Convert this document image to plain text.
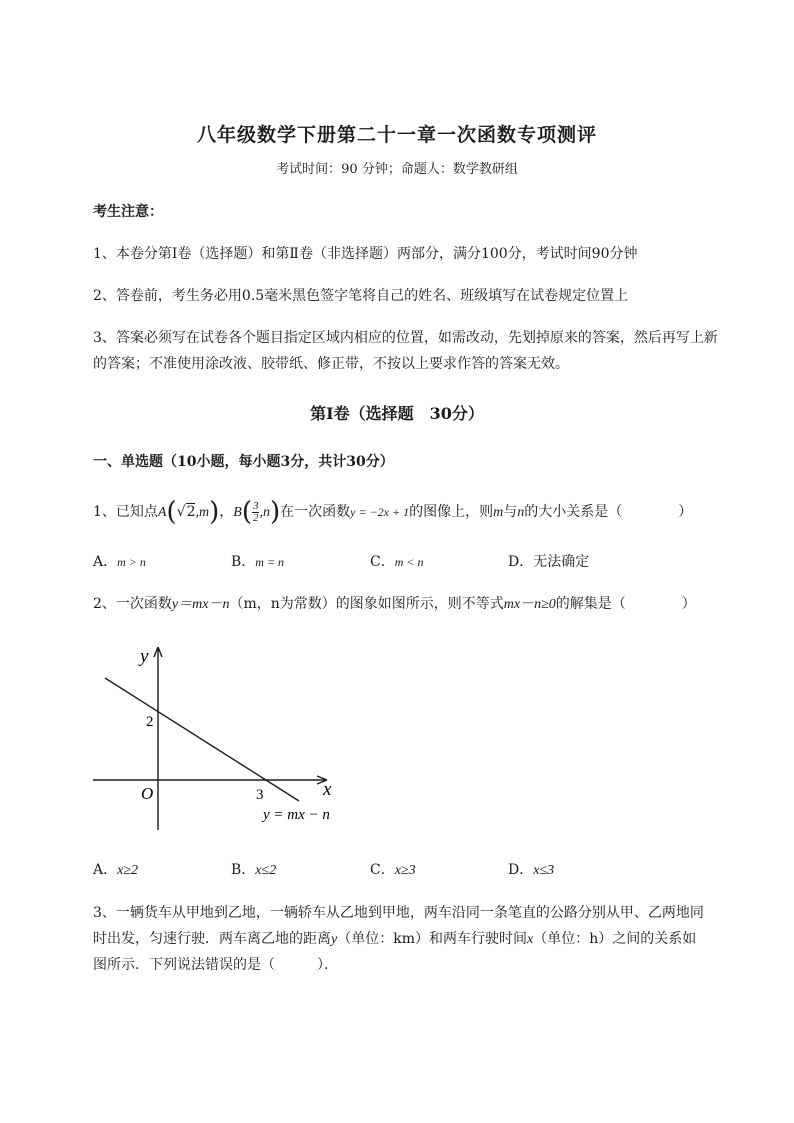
八年级数学下册第二十一章一次函数专项测评
考试时间：90 分钟；命题人：数学教研组
考生注意：
1、本卷分第Ⅰ卷（选择题）和第Ⅱ卷（非选择题）两部分，满分100分，考试时间90分钟
2、答卷前，考生务必用0.5毫米黑色签字笔将自己的姓名、班级填写在试卷规定位置上
3、答案必须写在试卷各个题目指定区域内相应的位置，如需改动，先划掉原来的答案，然后再写上新
的答案；不准使用涂改液、胶带纸、修正带，不按以上要求作答的答案无效。
第Ⅰ卷（选择题　30分）
一、单选题（10小题，每小题3分，共计30分）
1、已知点A(√2,m)，$B( \frac{3}{2} ,n)$在一次函数y = −2x + 1的图像上，则m与n的大小关系是（　　　　）
A．m > n	B．m = n	C．m < n	D．无法确定
2、一次函数y＝mx－n（m，n为常数）的图象如图所示，则不等式mx－n≥0的解集是（　　　　）
y
x
O
2
3
y = mx − n
A．x≥2	B．x≤2	C．x≥3	D．x≤3
3、一辆货车从甲地到乙地，一辆轿车从乙地到甲地，两车沿同一条笔直的公路分别从甲、乙两地同
时出发，匀速行驶．两车离乙地的距离y（单位：km）和两车行驶时间x（单位：h）之间的关系如
图所示．下列说法错误的是（　　　）．
